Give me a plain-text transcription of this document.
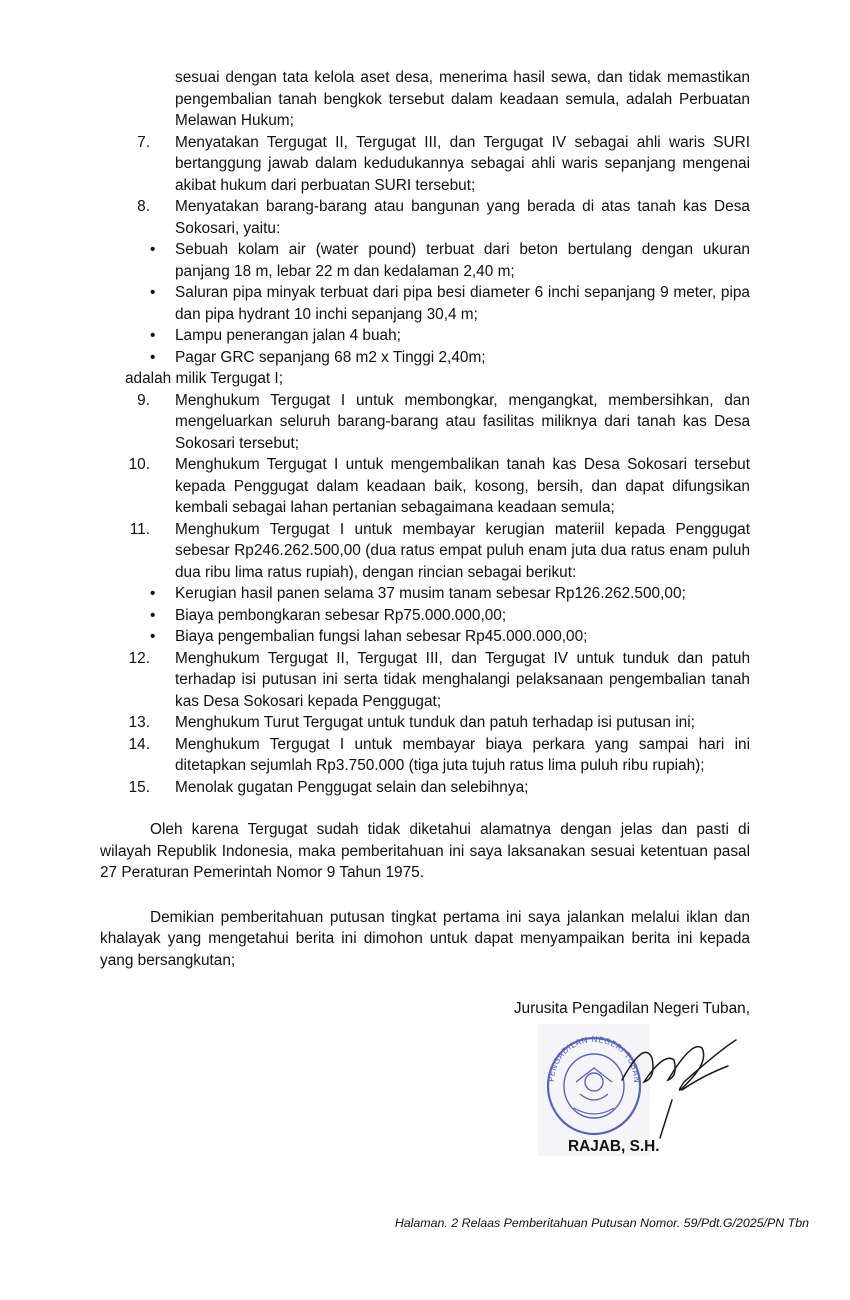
sesuai dengan tata kelola aset desa, menerima hasil sewa, dan tidak memastikan pengembalian tanah bengkok tersebut dalam keadaan semula, adalah Perbuatan Melawan Hukum;
7. Menyatakan Tergugat II, Tergugat III, dan Tergugat IV sebagai ahli waris SURI bertanggung jawab dalam kedudukannya sebagai ahli waris sepanjang mengenai akibat hukum dari perbuatan SURI tersebut;
8. Menyatakan barang-barang atau bangunan yang berada di atas tanah kas Desa Sokosari, yaitu:
• Sebuah kolam air (water pound) terbuat dari beton bertulang dengan ukuran panjang 18 m, lebar 22 m dan kedalaman 2,40 m;
• Saluran pipa minyak terbuat dari pipa besi diameter 6 inchi sepanjang 9 meter, pipa dan pipa hydrant 10 inchi sepanjang 30,4 m;
• Lampu penerangan jalan 4 buah;
• Pagar GRC sepanjang 68 m2 x Tinggi 2,40m;
adalah milik Tergugat I;
9. Menghukum Tergugat I untuk membongkar, mengangkat, membersihkan, dan mengeluarkan seluruh barang-barang atau fasilitas miliknya dari tanah kas Desa Sokosari tersebut;
10. Menghukum Tergugat I untuk mengembalikan tanah kas Desa Sokosari tersebut kepada Penggugat dalam keadaan baik, kosong, bersih, dan dapat difungsikan kembali sebagai lahan pertanian sebagaimana keadaan semula;
11. Menghukum Tergugat I untuk membayar kerugian materiil kepada Penggugat sebesar Rp246.262.500,00 (dua ratus empat puluh enam juta dua ratus enam puluh dua ribu lima ratus rupiah), dengan rincian sebagai berikut:
• Kerugian hasil panen selama 37 musim tanam sebesar Rp126.262.500,00;
• Biaya pembongkaran sebesar Rp75.000.000,00;
• Biaya pengembalian fungsi lahan sebesar Rp45.000.000,00;
12. Menghukum Tergugat II, Tergugat III, dan Tergugat IV untuk tunduk dan patuh terhadap isi putusan ini serta tidak menghalangi pelaksanaan pengembalian tanah kas Desa Sokosari kepada Penggugat;
13. Menghukum Turut Tergugat untuk tunduk dan patuh terhadap isi putusan ini;
14. Menghukum Tergugat I untuk membayar biaya perkara yang sampai hari ini ditetapkan sejumlah Rp3.750.000 (tiga juta tujuh ratus lima puluh ribu rupiah);
15. Menolak gugatan Penggugat selain dan selebihnya;

Oleh karena Tergugat sudah tidak diketahui alamatnya dengan jelas dan pasti di wilayah Republik Indonesia, maka pemberitahuan ini saya laksanakan sesuai ketentuan pasal 27 Peraturan Pemerintah Nomor 9 Tahun 1975.

Demikian pemberitahuan putusan tingkat pertama ini saya jalankan melalui iklan dan khalayak yang mengetahui berita ini dimohon untuk dapat menyampaikan berita ini kepada yang bersangkutan;

Jurusita Pengadilan Negeri Tuban,
PENGADILAN NEGERI TUBAN
RAJAB, S.H.
Halaman. 2 Relaas Pemberitahuan Putusan Nomor. 59/Pdt.G/2025/PN Tbn
